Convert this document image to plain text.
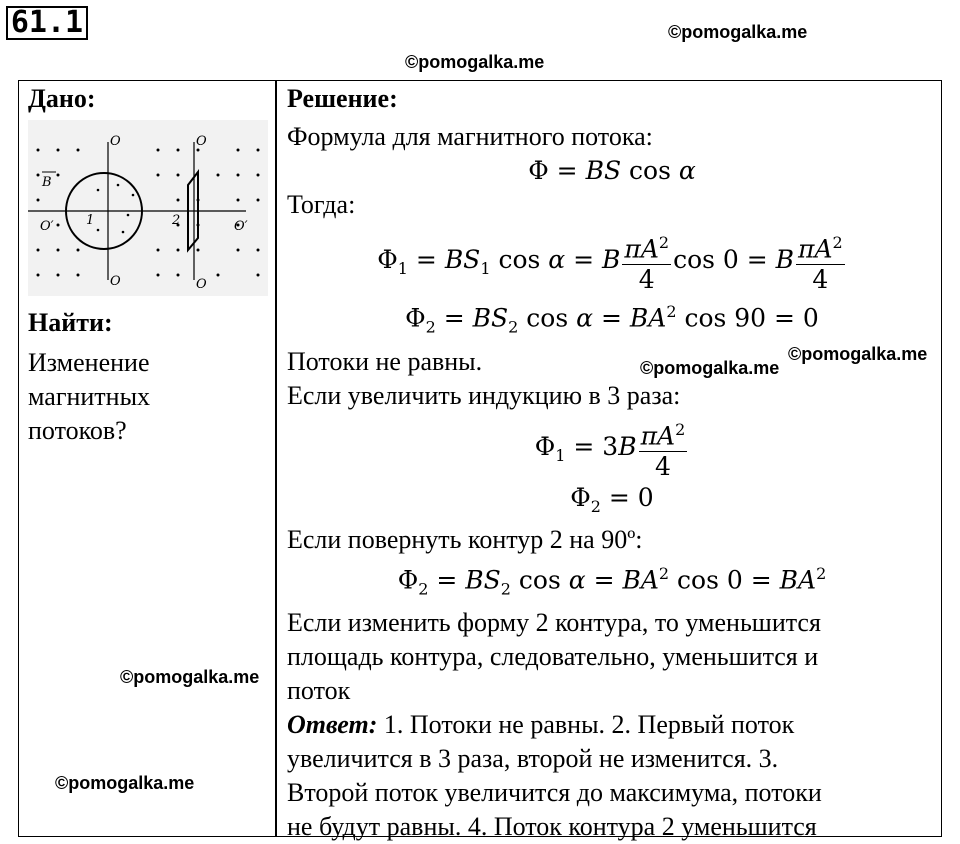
61.1	©pomogalka.me
©pomogalka.me
©pomogalka.me
©pomogalka.me
©pomogalka.me
©pomogalka.me
Дано:
O	O
O	O
O′	O′
B
1	2
Найти:
Изменение
магнитных
потоков?
Решение:
Формула для магнитного потока:
Φ = BS cos α
Тогда:
$\Phi_1 = BS_1$ cos α = B $\frac{\pi A^2}{4}$ cos 0 = B $\frac{\pi A^2}{4}$
$\Phi_2 = BS_2$ $\cos \alpha = BA^2$ cos 90 = 0
Потоки не равны.
Если увеличить индукцию в 3 раза:
$\Phi_1 = 3B \frac{\pi A^2}{4}$
$\Phi_2 = 0$
Если повернуть контур 2 на 90º:
$\Phi_2 = BS_2$ $\cos \alpha = BA^2$ $\cos 0 = BA^2$
Если изменить форму 2 контура, то уменьшится
площадь контура, следовательно, уменьшится и
поток
Ответ: 1. Потоки не равны. 2. Первый поток
увеличится в 3 раза, второй не изменится. 3.
Второй поток увеличится до максимума, потоки
не будут равны. 4. Поток контура 2 уменьшится
